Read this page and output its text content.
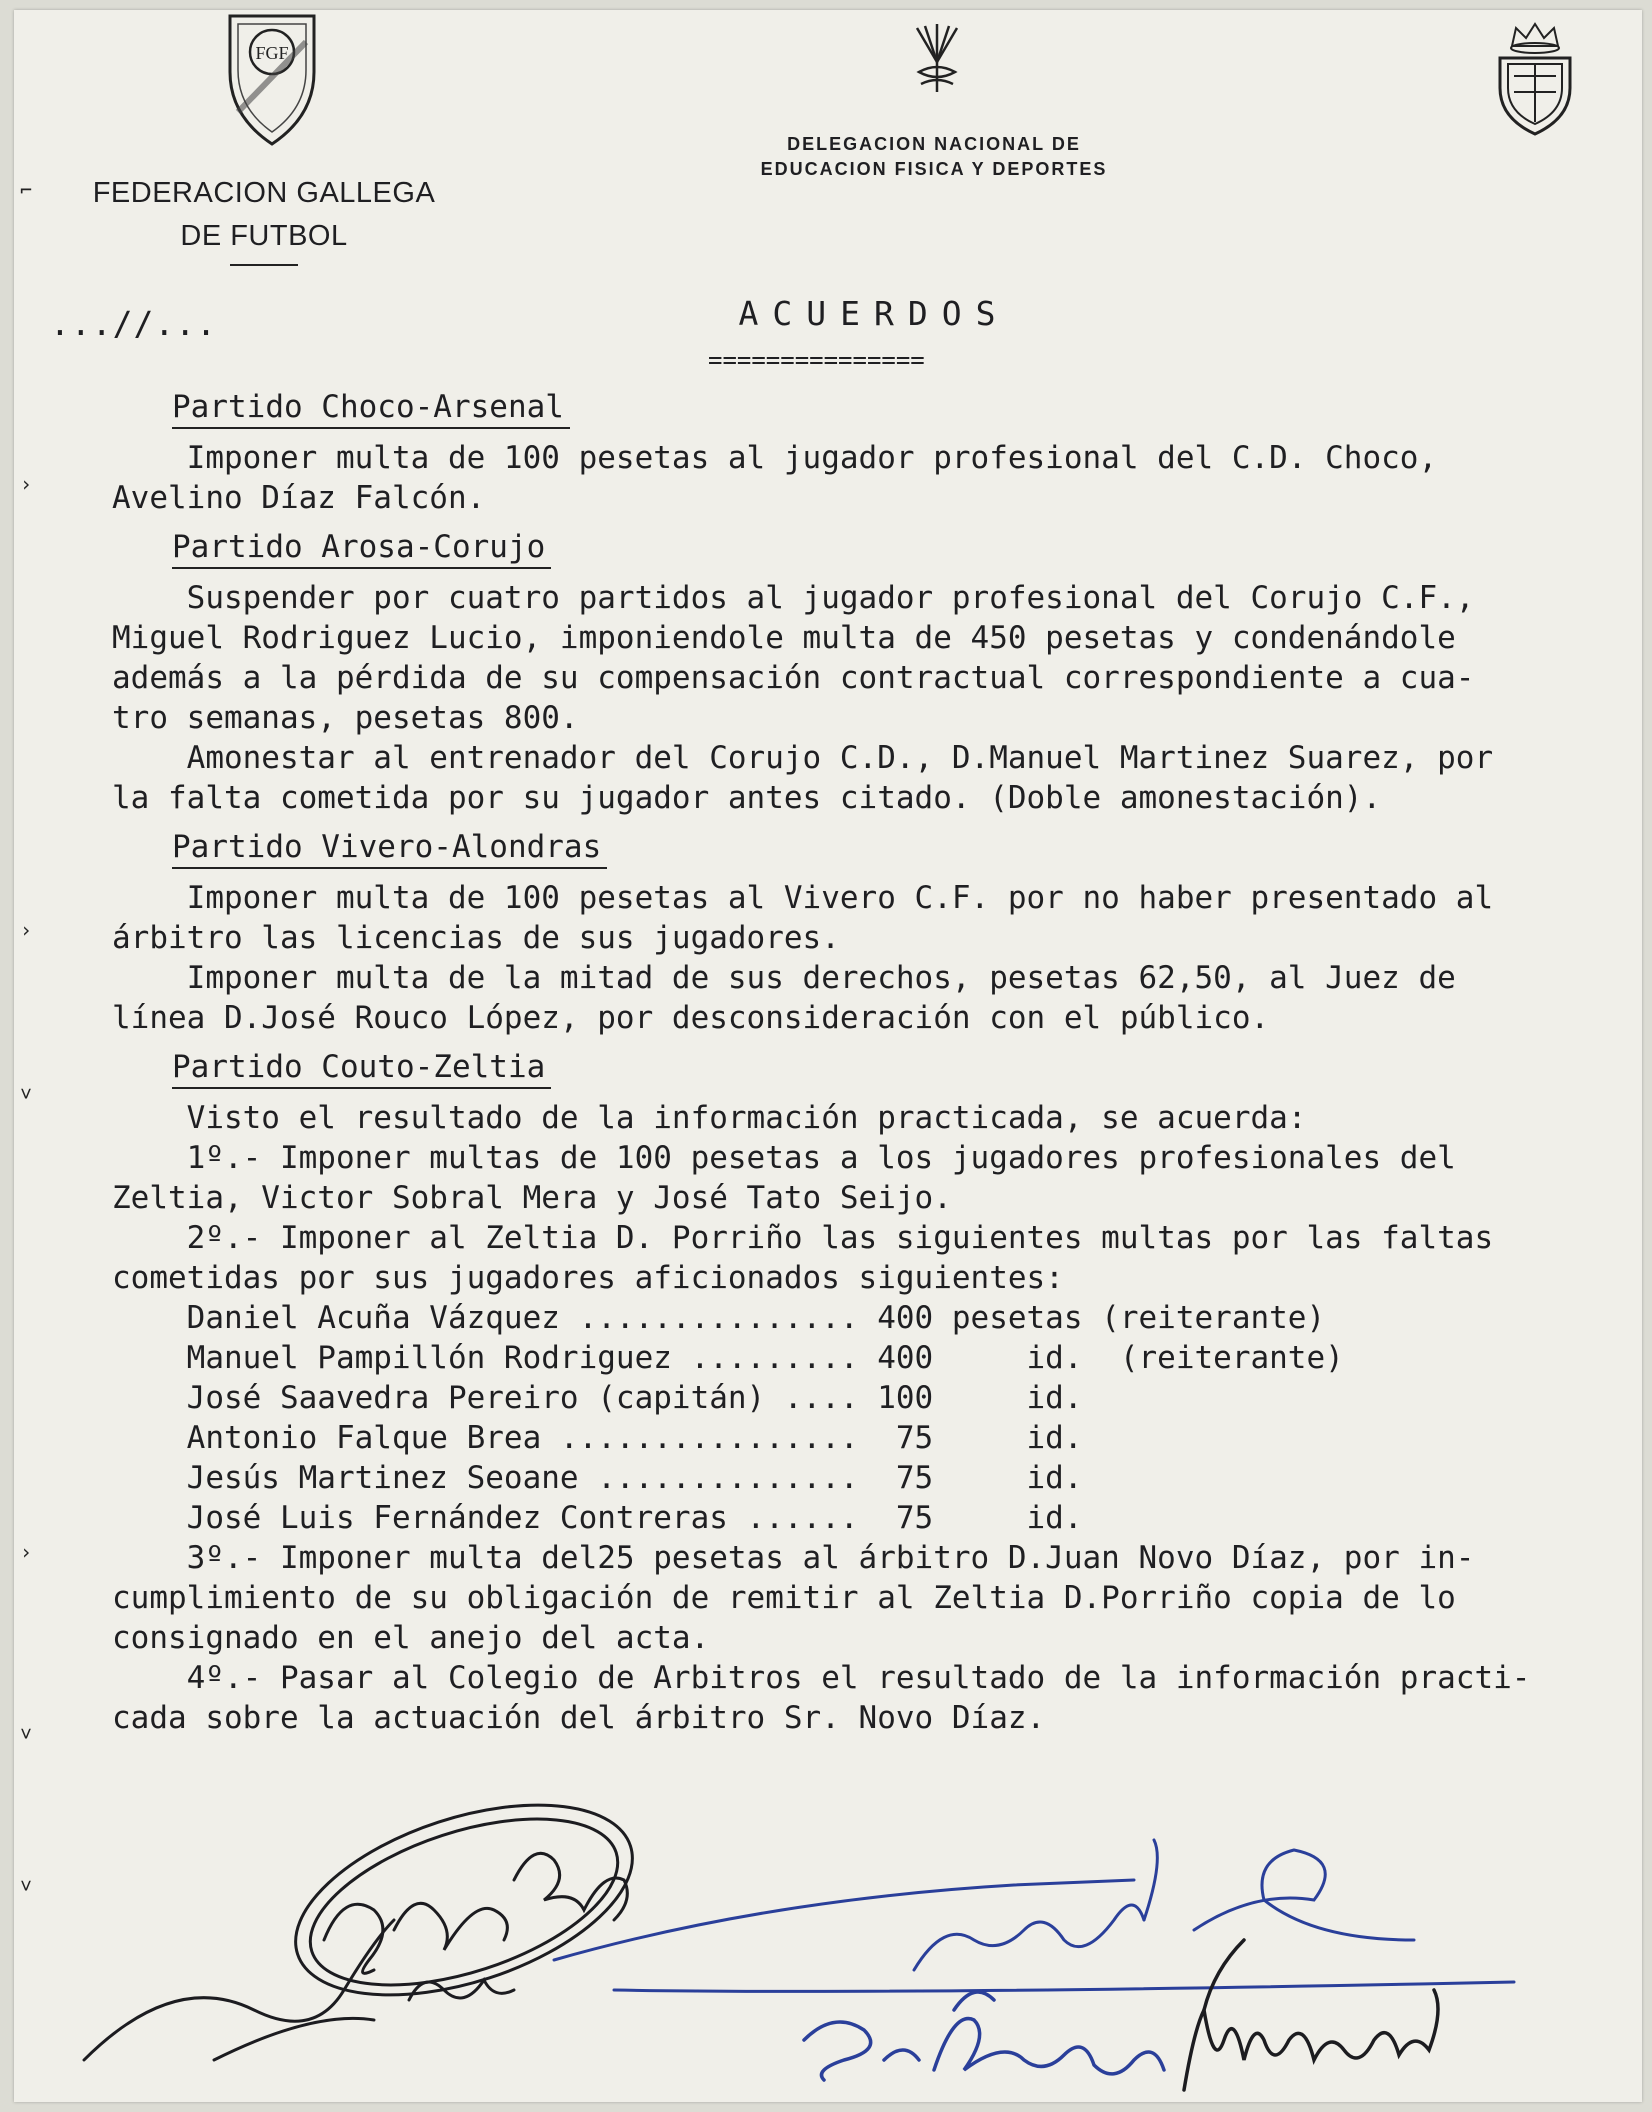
FGF
FEDERACION GALLEGA
DE FUTBOL
DELEGACION NACIONAL DE
EDUCACION FISICA Y DEPORTES
...//...	ACUERDOS
===============
⌐
›
›
˅
›
˅
˅
Partido Choco-Arsenal
Imponer multa de 100 pesetas al jugador profesional del C.D. Choco,
Avelino Díaz Falcón.
Partido Arosa-Corujo
Suspender por cuatro partidos al jugador profesional del Corujo C.F.,
Miguel Rodriguez Lucio, imponiendole multa de 450 pesetas y condenándole
además a la pérdida de su compensación contractual correspondiente a cua-
tro semanas, pesetas 800.
Amonestar al entrenador del Corujo C.D., D.Manuel Martinez Suarez, por
la falta cometida por su jugador antes citado. (Doble amonestación).
Partido Vivero-Alondras
Imponer multa de 100 pesetas al Vivero C.F. por no haber presentado al
árbitro las licencias de sus jugadores.
Imponer multa de la mitad de sus derechos, pesetas 62,50, al Juez de
línea D.José Rouco López, por desconsideración con el público.
Partido Couto-Zeltia
Visto el resultado de la información practicada, se acuerda:
1º.- Imponer multas de 100 pesetas a los jugadores profesionales del
Zeltia, Victor Sobral Mera y José Tato Seijo.
2º.- Imponer al Zeltia D. Porriño las siguientes multas por las faltas
cometidas por sus jugadores aficionados siguientes:
Daniel Acuña Vázquez ............... 400 pesetas (reiterante)
Manuel Pampillón Rodriguez ......... 400     id.  (reiterante)
José Saavedra Pereiro (capitán) .... 100     id.
Antonio Falque Brea ................  75     id.
Jesús Martinez Seoane ..............  75     id.
José Luis Fernández Contreras ......  75     id.
3º.- Imponer multa del25 pesetas al árbitro D.Juan Novo Díaz, por in-
cumplimiento de su obligación de remitir al Zeltia D.Porriño copia de lo
consignado en el anejo del acta.
4º.- Pasar al Colegio de Arbitros el resultado de la información practi-
cada sobre la actuación del árbitro Sr. Novo Díaz.
